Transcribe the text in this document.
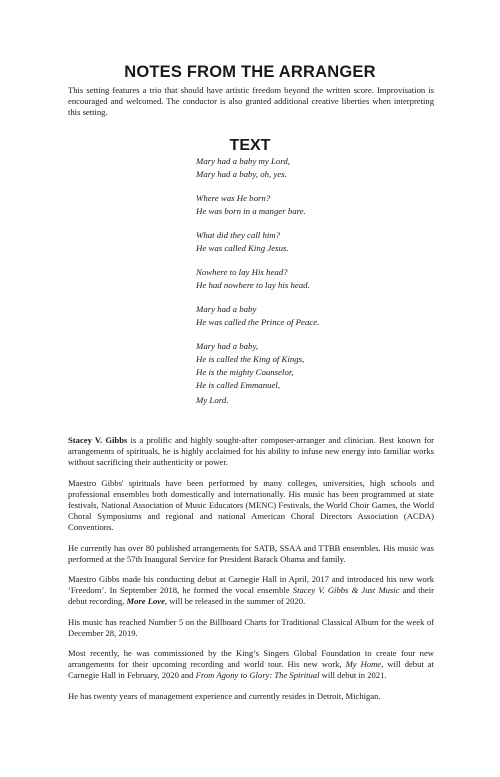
NOTES FROM THE ARRANGER

This setting features a trio that should have artistic freedom beyond the written score. Improvisation is encouraged and welcomed. The conductor is also granted additional creative liberties when interpreting this setting.

TEXT
Mary had a baby my Lord,
Mary had a baby, oh, yes.
Where was He born?
He was born in a manger bare.
What did they call him?
He was called King Jesus.
Nowhere to lay His head?
He had nowhere to lay his head.
Mary had a baby
He was called the Prince of Peace.
Mary had a baby,
He is called the King of Kings,
He is the mighty Counselor,
He is called Emmanuel,
My Lord.

Stacey V. Gibbs is a prolific and highly sought-after composer-arranger and clinician. Best known for arrangements of spirituals, he is highly acclaimed for his ability to infuse new energy into familiar works without sacrificing their authenticity or power.

Maestro Gibbs' spirituals have been performed by many colleges, universities, high schools and professional ensembles both domestically and internationally. His music has been programmed at state festivals, National Association of Music Educators (MENC) Festivals, the World Choir Games, the World Choral Symposiums and regional and national American Choral Directors Association (ACDA) Conventions.

He currently has over 80 published arrangements for SATB, SSAA and TTBB ensembles. His music was performed at the 57th Inaugural Service for President Barack Obama and family.

Maestro Gibbs made his conducting debut at Carnegie Hall in April, 2017 and introduced his new work ‘Freedom’. In September 2018, he formed the vocal ensemble Stacey V. Gibbs & Just Music and their debut recording, More Love, will be released in the summer of 2020.

His music has reached Number 5 on the Billboard Charts for Traditional Classical Album for the week of December 28, 2019.

Most recently, he was commissioned by the King’s Singers Global Foundation to create four new arrangements for their upcoming recording and world tour. His new work, My Home, will debut at Carnegie Hall in February, 2020 and From Agony to Glory: The Spiritual will debut in 2021.

He has twenty years of management experience and currently resides in Detroit, Michigan.
